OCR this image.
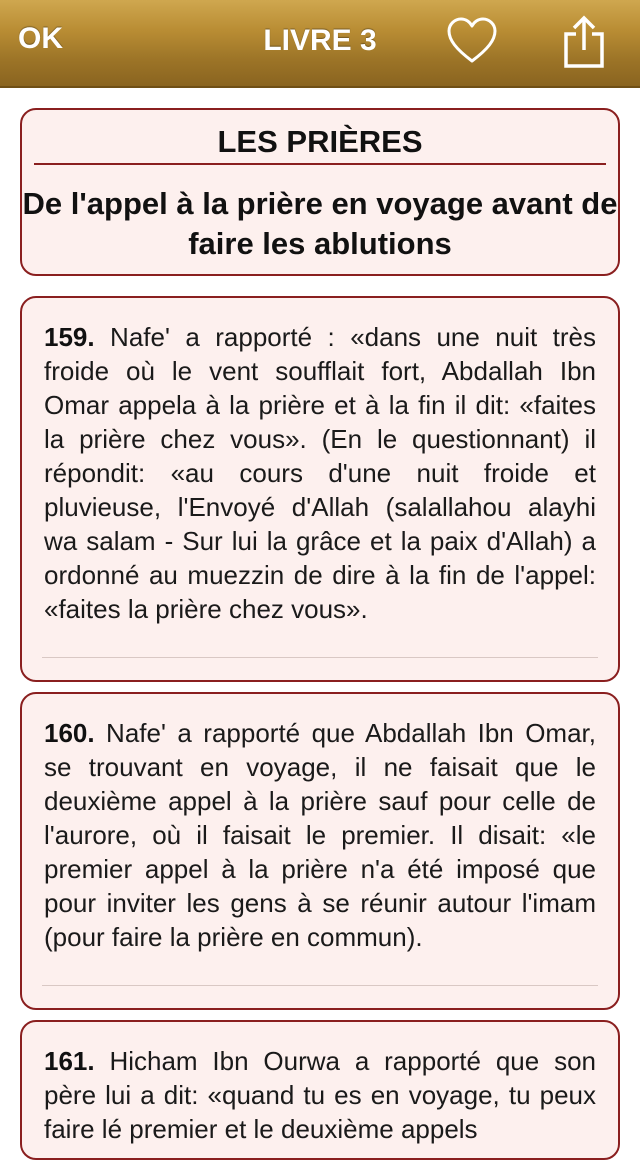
OK	LIVRE 3
LES PRIÈRES
De l'appel à la prière en voyage avant de faire les ablutions

159. Nafe' a rapporté : «dans une nuit très froide où le vent soufflait fort, Abdallah Ibn Omar appela à la prière et à la fin il dit: «faites la prière chez vous». (En le questionnant) il répondit: «au cours d'une nuit froide et pluvieuse, l'Envoyé d'Allah (salallahou alayhi wa salam - Sur lui la grâce et la paix d'Allah) a ordonné au muezzin de dire à la fin de l'appel: «faites la prière chez vous».

160. Nafe' a rapporté que Abdallah Ibn Omar, se trouvant en voyage, il ne faisait que le deuxième appel à la prière sauf pour celle de l'aurore, où il faisait le premier. Il disait: «le premier appel à la prière n'a été imposé que pour inviter les gens à se réunir autour l'imam (pour faire la prière en commun).

161. Hicham Ibn Ourwa a rapporté que son père lui a dit: «quand tu es en voyage, tu peux faire lé premier et le deuxième appels
